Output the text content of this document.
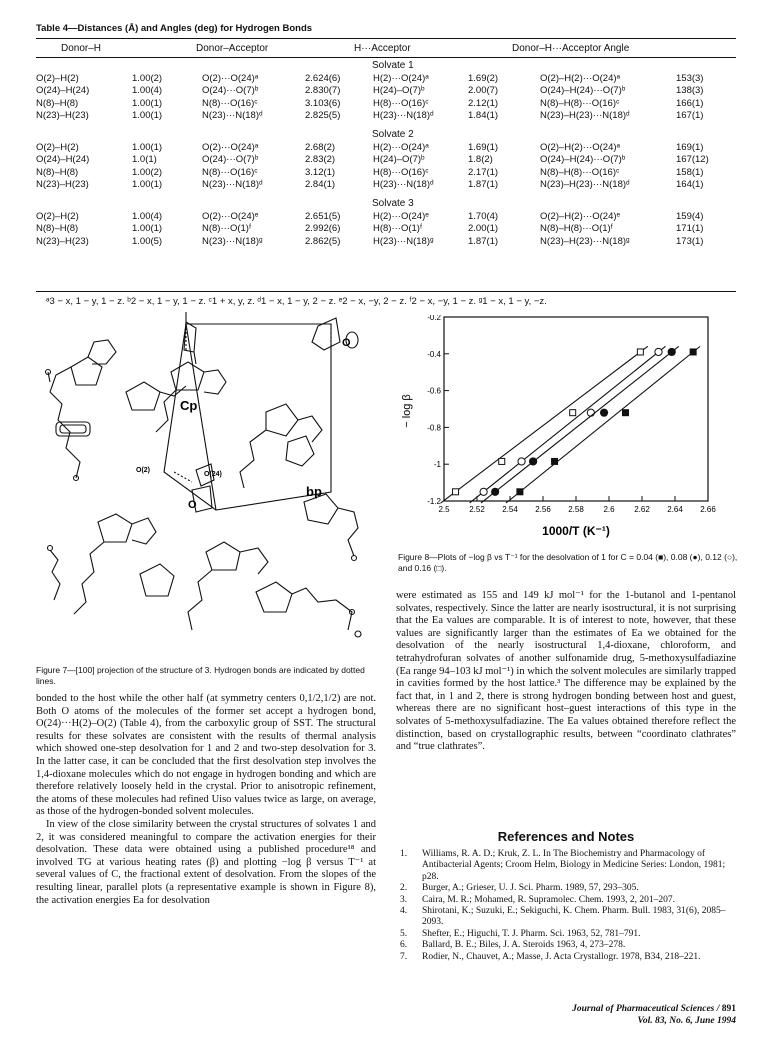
Table 4—Distances (Å) and Angles (deg) for Hydrogen Bonds
Donor–H	Donor–Acceptor	H···Acceptor	Donor–H···Acceptor Angle
Solvate 1
O(2)–H(2)	1.00(2)	O(2)···O(24)ᵃ	2.624(6)	H(2)···O(24)ᵃ	1.69(2)	O(2)–H(2)···O(24)ᵃ	153(3)
O(24)–H(24)	1.00(4)	O(24)···O(7)ᵇ	2.830(7)	H(24)–O(7)ᵇ	2.00(7)	O(24)–H(24)···O(7)ᵇ	138(3)
N(8)–H(8)	1.00(1)	N(8)···O(16)ᶜ	3.103(6)	H(8)···O(16)ᶜ	2.12(1)	N(8)–H(8)···O(16)ᶜ	166(1)
N(23)–H(23)	1.00(1)	N(23)···N(18)ᵈ	2.825(5)	H(23)···N(18)ᵈ	1.84(1)	N(23)–H(23)···N(18)ᵈ	167(1)
Solvate 2
O(2)–H(2)	1.00(1)	O(2)···O(24)ᵃ	2.68(2)	H(2)···O(24)ᵃ	1.69(1)	O(2)–H(2)···O(24)ᵃ	169(1)
O(24)–H(24)	1.0(1)	O(24)···O(7)ᵇ	2.83(2)	H(24)–O(7)ᵇ	1.8(2)	O(24)–H(24)···O(7)ᵇ	167(12)
N(8)–H(8)	1.00(2)	N(8)···O(16)ᶜ	3.12(1)	H(8)···O(16)ᶜ	2.17(1)	N(8)–H(8)···O(16)ᶜ	158(1)
N(23)–H(23)	1.00(1)	N(23)···N(18)ᵈ	2.84(1)	H(23)···N(18)ᵈ	1.87(1)	N(23)–H(23)···N(18)ᵈ	164(1)
Solvate 3
O(2)–H(2)	1.00(4)	O(2)···O(24)ᵉ	2.651(5)	H(2)···O(24)ᵉ	1.70(4)	O(2)–H(2)···O(24)ᵉ	159(4)
N(8)–H(8)	1.00(1)	N(8)···O(1)ᶠ	2.992(6)	H(8)···O(1)ᶠ	2.00(1)	N(8)–H(8)···O(1)ᶠ	171(1)
N(23)–H(23)	1.00(5)	N(23)···N(18)ᵍ	2.862(5)	H(23)···N(18)ᵍ	1.87(1)	N(23)–H(23)···N(18)ᵍ	173(1)
ᵃ3 − x, 1 − y, 1 − z. ᵇ2 − x, 1 − y, 1 − z. ᶜ1 + x, y, z. ᵈ1 − x, 1 − y, 2 − z. ᵉ2 − x, −y, 2 − z. ᶠ2 − x, −y, 1 − z. ᵍ1 − x, 1 − y, −z.
Cp
bp
O(2)
O(24)
O
O
Figure 7—[100] projection of the structure of 3. Hydrogen bonds are indicated by dotted lines.
2.5 2.52 2.54 2.56 2.58 2.6 2.62 2.64 2.66
-0.2
-0.4
-0.6
-0.8
-1
-1.2
− log β
1000/T (K⁻¹)
Figure 8—Plots of −log β vs T⁻¹ for the desolvation of 1 for C = 0.04 (■), 0.08 (●), 0.12 (○), and 0.16 (□).

bonded to the host while the other half (at symmetry centers 0,1/2,1/2) are not. Both O atoms of the molecules of the former set accept a hydrogen bond, O(24)···H(2)–O(2) (Table 4), from the carboxylic group of SST. The structural results for these solvates are consistent with the results of thermal analysis which showed one-step desolvation for 1 and 2 and two-step desolvation for 3. In the latter case, it can be concluded that the first desolvation step involves the 1,4-dioxane molecules which do not engage in hydrogen bonding and which are therefore relatively loosely held in the crystal. Prior to anisotropic refinement, the atoms of these molecules had refined Uiso values twice as large, on average, as those of the hydrogen-bonded solvent molecules.

In view of the close similarity between the crystal structures of solvates 1 and 2, it was considered meaningful to compare the activation energies for their desolvation. These data were obtained using a published procedure¹⁸ and involved TG at various heating rates (β) and plotting −log β versus T⁻¹ at several values of C, the fractional extent of desolvation. From the slopes of the resulting linear, parallel plots (a representative example is shown in Figure 8), the activation energies Ea for desolvation

were estimated as 155 and 149 kJ mol⁻¹ for the 1-butanol and 1-pentanol solvates, respectively. Since the latter are nearly isostructural, it is not surprising that the Ea values are comparable. It is of interest to note, however, that these values are significantly larger than the estimates of Ea we obtained for the desolvation of the nearly isostructural 1,4-dioxane, chloroform, and tetrahydrofuran solvates of another sulfonamide drug, 5-methoxysulfadiazine (Ea range 94–103 kJ mol⁻¹) in which the solvent molecules are similarly trapped in cavities formed by the host lattice.³ The difference may be explained by the fact that, in 1 and 2, there is strong hydrogen bonding between host and guest, whereas there are no significant host–guest interactions of this type in the solvates of 5-methoxysulfadiazine. The Ea values obtained therefore reflect the distinction, based on crystallographic results, between “coordinato clathrates” and “true clathrates”.

References and Notes
1. Williams, R. A. D.; Kruk, Z. L. In The Biochemistry and Pharmacology of Antibacterial Agents; Croom Helm, Biology in Medicine Series: London, 1981; p28.
2. Burger, A.; Grieser, U. J. Sci. Pharm. 1989, 57, 293–305.
3. Caira, M. R.; Mohamed, R. Supramolec. Chem. 1993, 2, 201–207.
4. Shirotani, K.; Suzuki, E.; Sekiguchi, K. Chem. Pharm. Bull. 1983, 31(6), 2085–2093.
5. Shefter, E.; Higuchi, T. J. Pharm. Sci. 1963, 52, 781–791.
6. Ballard, B. E.; Biles, J. A. Steroids 1963, 4, 273–278.
7. Rodier, N., Chauvet, A.; Masse, J. Acta Crystallogr. 1978, B34, 218–221.
Journal of Pharmaceutical Sciences / 891
Vol. 83, No. 6, June 1994
